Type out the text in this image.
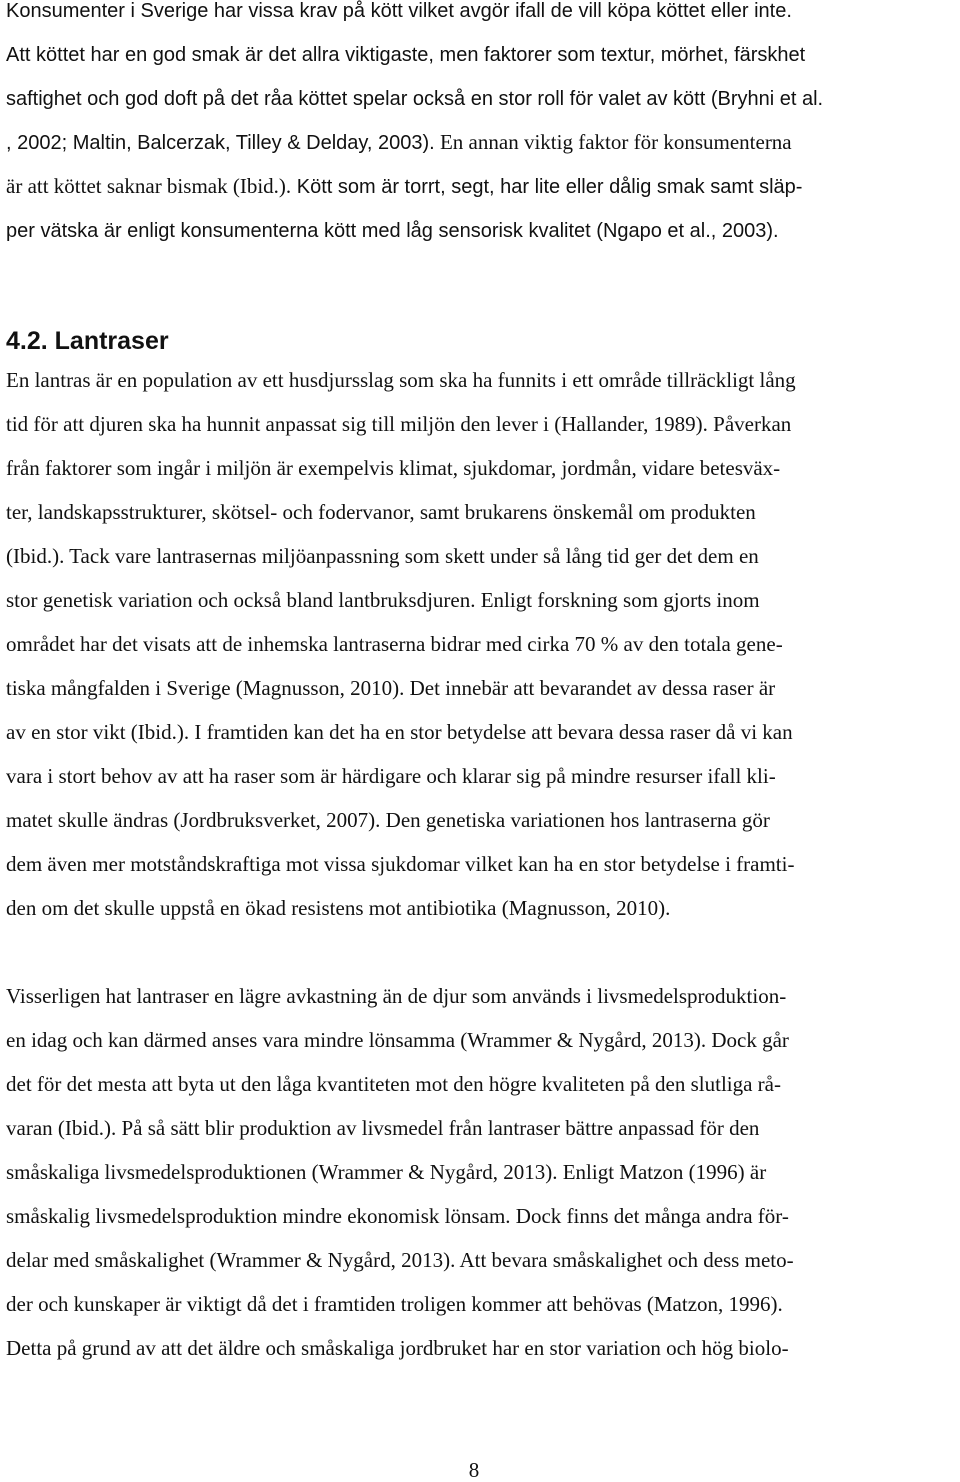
Konsumenter i Sverige har vissa krav på kött vilket avgör ifall de vill köpa köttet eller inte.
Att köttet har en god smak är det allra viktigaste, men faktorer som textur, mörhet, färskhet
saftighet och god doft på det råa köttet spelar också en stor roll för valet av kött (Bryhni et al.
, 2002; Maltin, Balcerzak, Tilley & Delday, 2003). En annan viktig faktor för konsumenterna
är att köttet saknar bismak (Ibid.). Kött som är torrt, segt, har lite eller dålig smak samt släp-
per vätska är enligt konsumenterna kött med låg sensorisk kvalitet (Ngapo et al., 2003).
4.2. Lantraser
En lantras är en population av ett husdjursslag som ska ha funnits i ett område tillräckligt lång
tid för att djuren ska ha hunnit anpassat sig till miljön den lever i (Hallander, 1989). Påverkan
från faktorer som ingår i miljön är exempelvis klimat, sjukdomar, jordmån, vidare betesväx-
ter, landskapsstrukturer, skötsel- och fodervanor, samt brukarens önskemål om produkten
(Ibid.). Tack vare lantrasernas miljöanpassning som skett under så lång tid ger det dem en
stor genetisk variation och också bland lantbruksdjuren. Enligt forskning som gjorts inom
området har det visats att de inhemska lantraserna bidrar med cirka 70 % av den totala gene-
tiska mångfalden i Sverige (Magnusson, 2010). Det innebär att bevarandet av dessa raser är
av en stor vikt (Ibid.). I framtiden kan det ha en stor betydelse att bevara dessa raser då vi kan
vara i stort behov av att ha raser som är härdigare och klarar sig på mindre resurser ifall kli-
matet skulle ändras (Jordbruksverket, 2007). Den genetiska variationen hos lantraserna gör
dem även mer motståndskraftiga mot vissa sjukdomar vilket kan ha en stor betydelse i framti-
den om det skulle uppstå en ökad resistens mot antibiotika (Magnusson, 2010).
Visserligen hat lantraser en lägre avkastning än de djur som används i livsmedelsproduktion-
en idag och kan därmed anses vara mindre lönsamma (Wrammer & Nygård, 2013). Dock går
det för det mesta att byta ut den låga kvantiteten mot den högre kvaliteten på den slutliga rå-
varan (Ibid.). På så sätt blir produktion av livsmedel från lantraser bättre anpassad för den
småskaliga livsmedelsproduktionen (Wrammer & Nygård, 2013). Enligt Matzon (1996) är
småskalig livsmedelsproduktion mindre ekonomisk lönsam. Dock finns det många andra för-
delar med småskalighet (Wrammer & Nygård, 2013). Att bevara småskalighet och dess meto-
der och kunskaper är viktigt då det i framtiden troligen kommer att behövas (Matzon, 1996).
Detta på grund av att det äldre och småskaliga jordbruket har en stor variation och hög biolo-
8
